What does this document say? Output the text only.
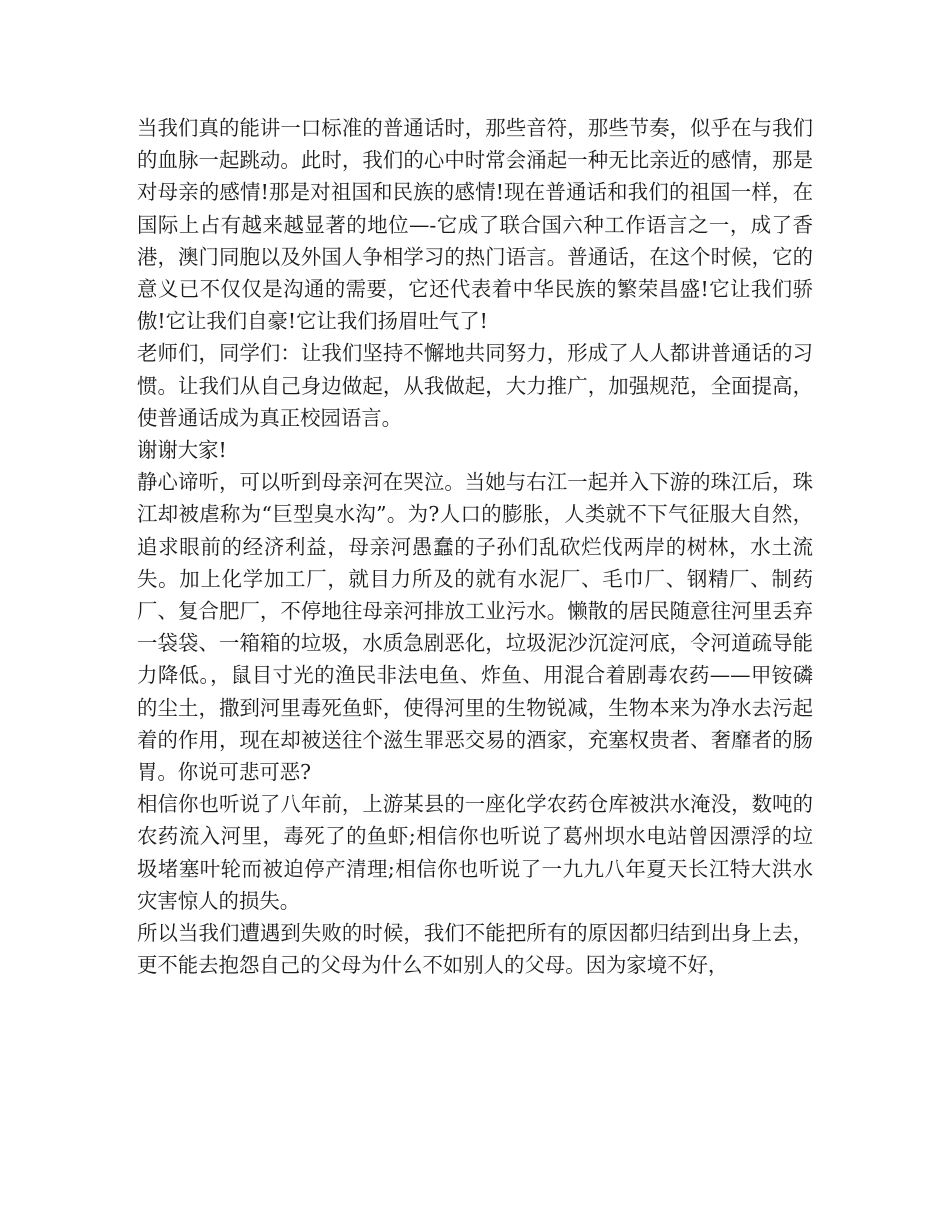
当我们真的能讲一口标准的普通话时，那些音符，那些节奏，似乎在与我们的血脉一起跳动。此时，我们的心中时常会涌起一种无比亲近的感情，那是对母亲的感情!那是对祖国和民族的感情!现在普通话和我们的祖国一样，在国际上占有越来越显著的地位—-它成了联合国六种工作语言之一，成了香港，澳门同胞以及外国人争相学习的热门语言。普通话，在这个时候，它的意义已不仅仅是沟通的需要，它还代表着中华民族的繁荣昌盛!它让我们骄傲!它让我们自豪!它让我们扬眉吐气了!

老师们，同学们：让我们坚持不懈地共同努力，形成了人人都讲普通话的习惯。让我们从自己身边做起，从我做起，大力推广，加强规范，全面提高，使普通话成为真正校园语言。

谢谢大家!

静心谛听，可以听到母亲河在哭泣。当她与右江一起并入下游的珠江后，珠江却被虐称为“巨型臭水沟”。为?人口的膨胀，人类就不下气征服大自然，追求眼前的经济利益，母亲河愚蠢的子孙们乱砍烂伐两岸的树林，水土流失。加上化学加工厂，就目力所及的就有水泥厂、毛巾厂、钢精厂、制药厂、复合肥厂，不停地往母亲河排放工业污水。懒散的居民随意往河里丢弃一袋袋、一箱箱的垃圾，水质急剧恶化，垃圾泥沙沉淀河底，令河道疏导能力降低。，鼠目寸光的渔民非法电鱼、炸鱼、用混合着剧毒农药——甲铵磷的尘土，撒到河里毒死鱼虾，使得河里的生物锐减，生物本来为净水去污起着的作用，现在却被送往个滋生罪恶交易的酒家，充塞权贵者、奢靡者的肠胃。你说可悲可恶?

相信你也听说了八年前，上游某县的一座化学农药仓库被洪水淹没，数吨的农药流入河里，毒死了的鱼虾;相信你也听说了葛州坝水电站曾因漂浮的垃圾堵塞叶轮而被迫停产清理;相信你也听说了一九九八年夏天长江特大洪水灾害惊人的损失。

所以当我们遭遇到失败的时候，我们不能把所有的原因都归结到出身上去，更不能去抱怨自己的父母为什么不如别人的父母。因为家境不好，
